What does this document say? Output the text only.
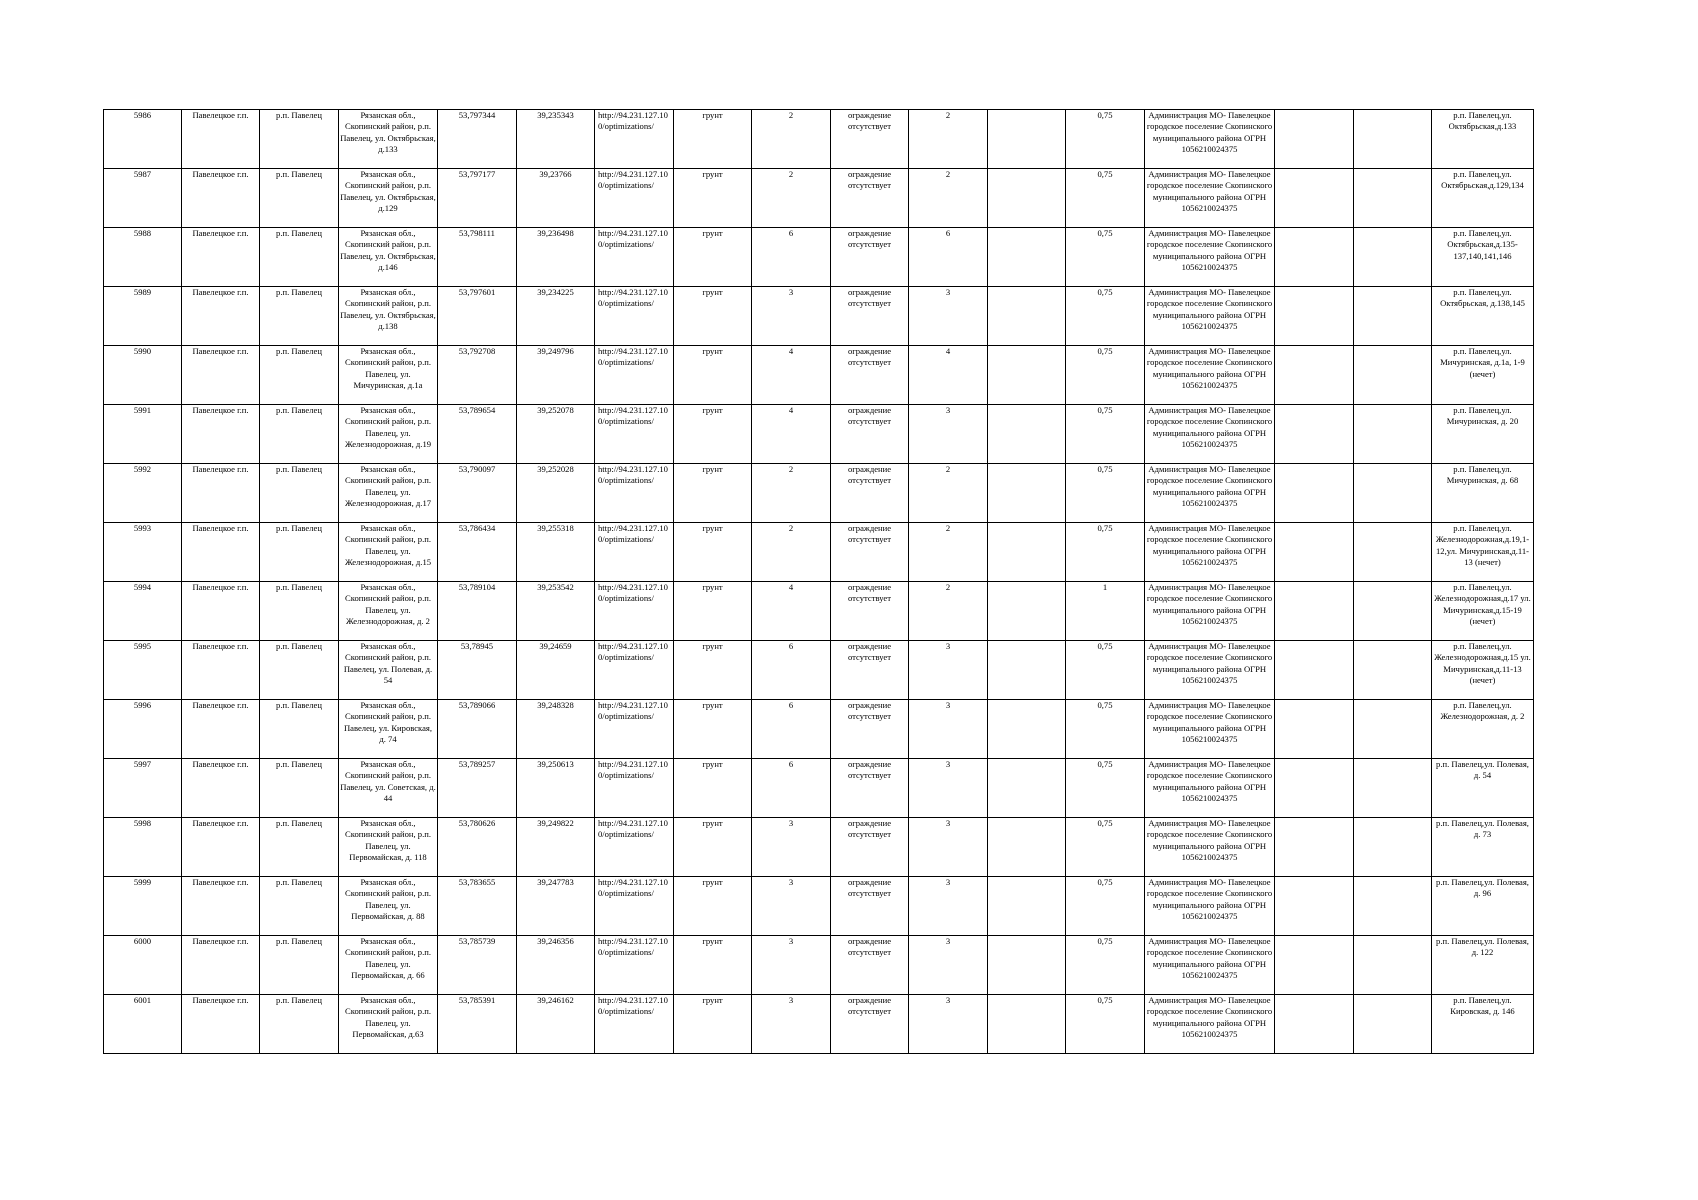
5986	Павелецкое г.п.	р.п. Павелец	Рязанская обл., Скопинский район, р.п. Павелец, ул. Октябрьская, д.133	53,797344	39,235343	http://94.231.127.10 0/optimizations/	грунт	2	ограждение отсутствует	2		0,75	Администрация МО- Павелецкое городское поселение Скопинского муниципального района ОГРН 1056210024375			р.п. Павелец,ул. Октябрьская,д.133
5987	Павелецкое г.п.	р.п. Павелец	Рязанская обл., Скопинский район, р.п. Павелец, ул. Октябрьская, д.129	53,797177	39,23766	http://94.231.127.10 0/optimizations/	грунт	2	ограждение отсутствует	2		0,75	Администрация МО- Павелецкое городское поселение Скопинского муниципального района ОГРН 1056210024375			р.п. Павелец,ул. Октябрьская,д.129,134
5988	Павелецкое г.п.	р.п. Павелец	Рязанская обл., Скопинский район, р.п. Павелец, ул. Октябрьская, д.146	53,798111	39,236498	http://94.231.127.10 0/optimizations/	грунт	6	ограждение отсутствует	6		0,75	Администрация МО- Павелецкое городское поселение Скопинского муниципального района ОГРН 1056210024375			р.п. Павелец,ул. Октябрьская,д.135-137,140,141,146
5989	Павелецкое г.п.	р.п. Павелец	Рязанская обл., Скопинский район, р.п. Павелец, ул. Октябрьская, д.138	53,797601	39,234225	http://94.231.127.10 0/optimizations/	грунт	3	ограждение отсутствует	3		0,75	Администрация МО- Павелецкое городское поселение Скопинского муниципального района ОГРН 1056210024375			р.п. Павелец,ул. Октябрьская, д.138,145
5990	Павелецкое г.п.	р.п. Павелец	Рязанская обл., Скопинский район, р.п. Павелец, ул. Мичуринская, д.1а	53,792708	39,249796	http://94.231.127.10 0/optimizations/	грунт	4	ограждение отсутствует	4		0,75	Администрация МО- Павелецкое городское поселение Скопинского муниципального района ОГРН 1056210024375			р.п. Павелец,ул. Мичуринская, д.1а, 1-9 (нечет)
5991	Павелецкое г.п.	р.п. Павелец	Рязанская обл., Скопинский район, р.п. Павелец, ул. Железнодорожная, д.19	53,789654	39,252078	http://94.231.127.10 0/optimizations/	грунт	4	ограждение отсутствует	3		0,75	Администрация МО- Павелецкое городское поселение Скопинского муниципального района ОГРН 1056210024375			р.п. Павелец,ул. Мичуринская, д. 20
5992	Павелецкое г.п.	р.п. Павелец	Рязанская обл., Скопинский район, р.п. Павелец, ул. Железнодорожная, д.17	53,790097	39,252028	http://94.231.127.10 0/optimizations/	грунт	2	ограждение отсутствует	2		0,75	Администрация МО- Павелецкое городское поселение Скопинского муниципального района ОГРН 1056210024375			р.п. Павелец,ул. Мичуринская, д. 68
5993	Павелецкое г.п.	р.п. Павелец	Рязанская обл., Скопинский район, р.п. Павелец, ул. Железнодорожная, д.15	53,786434	39,255318	http://94.231.127.10 0/optimizations/	грунт	2	ограждение отсутствует	2		0,75	Администрация МО- Павелецкое городское поселение Скопинского муниципального района ОГРН 1056210024375			р.п. Павелец,ул. Железнодорожная,д.19,1-12,ул. Мичуринская,д.11-13 (нечет)
5994	Павелецкое г.п.	р.п. Павелец	Рязанская обл., Скопинский район, р.п. Павелец, ул. Железнодорожная, д. 2	53,789104	39,253542	http://94.231.127.10 0/optimizations/	грунт	4	ограждение отсутствует	2		1	Администрация МО- Павелецкое городское поселение Скопинского муниципального района ОГРН 1056210024375			р.п. Павелец,ул. Железнодорожная,д.17 ул. Мичуринская,д.15-19 (нечет)
5995	Павелецкое г.п.	р.п. Павелец	Рязанская обл., Скопинский район, р.п. Павелец, ул. Полевая, д. 54	53,78945	39,24659	http://94.231.127.10 0/optimizations/	грунт	6	ограждение отсутствует	3		0,75	Администрация МО- Павелецкое городское поселение Скопинского муниципального района ОГРН 1056210024375			р.п. Павелец,ул. Железнодорожная,д.15 ул. Мичуринская,д.11-13 (нечет)
5996	Павелецкое г.п.	р.п. Павелец	Рязанская обл., Скопинский район, р.п. Павелец, ул. Кировская, д. 74	53,789066	39,248328	http://94.231.127.10 0/optimizations/	грунт	6	ограждение отсутствует	3		0,75	Администрация МО- Павелецкое городское поселение Скопинского муниципального района ОГРН 1056210024375			р.п. Павелец,ул. Железнодорожная, д. 2
5997	Павелецкое г.п.	р.п. Павелец	Рязанская обл., Скопинский район, р.п. Павелец, ул. Советская, д. 44	53,789257	39,250613	http://94.231.127.10 0/optimizations/	грунт	6	ограждение отсутствует	3		0,75	Администрация МО- Павелецкое городское поселение Скопинского муниципального района ОГРН 1056210024375			р.п. Павелец,ул. Полевая, д. 54
5998	Павелецкое г.п.	р.п. Павелец	Рязанская обл., Скопинский район, р.п. Павелец, ул. Первомайская, д. 118	53,780626	39,249822	http://94.231.127.10 0/optimizations/	грунт	3	ограждение отсутствует	3		0,75	Администрация МО- Павелецкое городское поселение Скопинского муниципального района ОГРН 1056210024375			р.п. Павелец,ул. Полевая, д. 73
5999	Павелецкое г.п.	р.п. Павелец	Рязанская обл., Скопинский район, р.п. Павелец, ул. Первомайская, д. 88	53,783655	39,247783	http://94.231.127.10 0/optimizations/	грунт	3	ограждение отсутствует	3		0,75	Администрация МО- Павелецкое городское поселение Скопинского муниципального района ОГРН 1056210024375			р.п. Павелец,ул. Полевая, д. 96
6000	Павелецкое г.п.	р.п. Павелец	Рязанская обл., Скопинский район, р.п. Павелец, ул. Первомайская, д. 66	53,785739	39,246356	http://94.231.127.10 0/optimizations/	грунт	3	ограждение отсутствует	3		0,75	Администрация МО- Павелецкое городское поселение Скопинского муниципального района ОГРН 1056210024375			р.п. Павелец,ул. Полевая, д. 122
6001	Павелецкое г.п.	р.п. Павелец	Рязанская обл., Скопинский район, р.п. Павелец, ул. Первомайская, д.63	53,785391	39,246162	http://94.231.127.10 0/optimizations/	грунт	3	ограждение отсутствует	3		0,75	Администрация МО- Павелецкое городское поселение Скопинского муниципального района ОГРН 1056210024375			р.п. Павелец,ул. Кировская, д. 146
